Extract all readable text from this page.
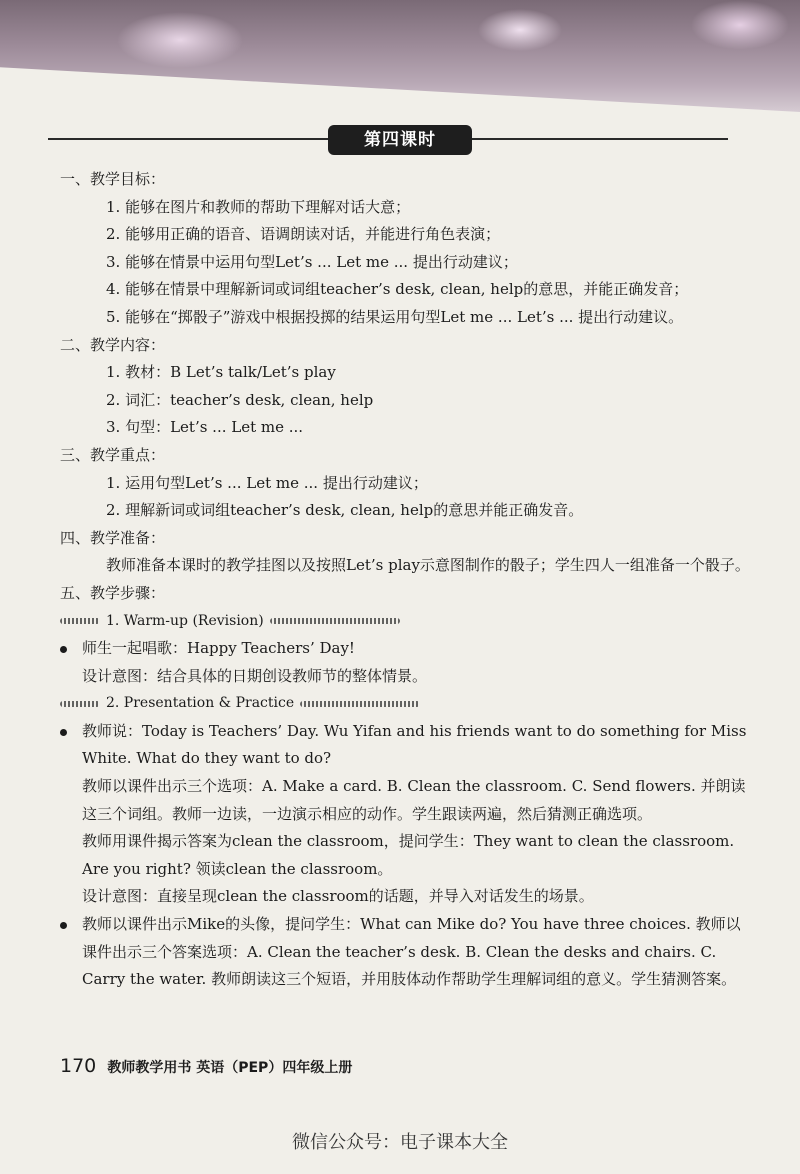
第四课时
一、教学目标：
1. 能够在图片和教师的帮助下理解对话大意；
2. 能够用正确的语音、语调朗读对话，并能进行角色表演；
3. 能够在情景中运用句型Let’s ... Let me ... 提出行动建议；
4. 能够在情景中理解新词或词组teacher’s desk, clean, help的意思，并能正确发音；
5. 能够在“掷骰子”游戏中根据投掷的结果运用句型Let me ... Let’s ... 提出行动建议。
二、教学内容：
1. 教材：B Let’s talk/Let’s play
2. 词汇：teacher’s desk, clean, help
3. 句型：Let’s ... Let me ...
三、教学重点：
1. 运用句型Let’s ... Let me ... 提出行动建议；
2. 理解新词或词组teacher’s desk, clean, help的意思并能正确发音。
四、教学准备：

教师准备本课时的教学挂图以及按照Let’s play示意图制作的骰子；学生四人一组准备一个骰子。

五、教学步骤：
1. Warm-up (Revision)
师生一起唱歌：Happy Teachers’ Day!
设计意图：结合具体的日期创设教师节的整体情景。
2. Presentation & Practice

教师说：Today is Teachers’ Day. Wu Yifan and his friends want to do something for Miss White. What do they want to do?

教师以课件出示三个选项：A. Make a card. B. Clean the classroom. C. Send flowers. 并朗读这三个词组。教师一边读，一边演示相应的动作。学生跟读两遍，然后猜测正确选项。

教师用课件揭示答案为clean the classroom，提问学生：They want to clean the classroom. Are you right? 领读clean the classroom。

设计意图：直接呈现clean the classroom的话题，并导入对话发生的场景。

教师以课件出示Mike的头像，提问学生：What can Mike do? You have three choices. 教师以课件出示三个答案选项：A. Clean the teacher’s desk. B. Clean the desks and chairs. C. Carry the water. 教师朗读这三个短语，并用肢体动作帮助学生理解词组的意义。学生猜测答案。

170 教师教学用书 英语（PEP）四年级上册
微信公众号：电子课本大全
